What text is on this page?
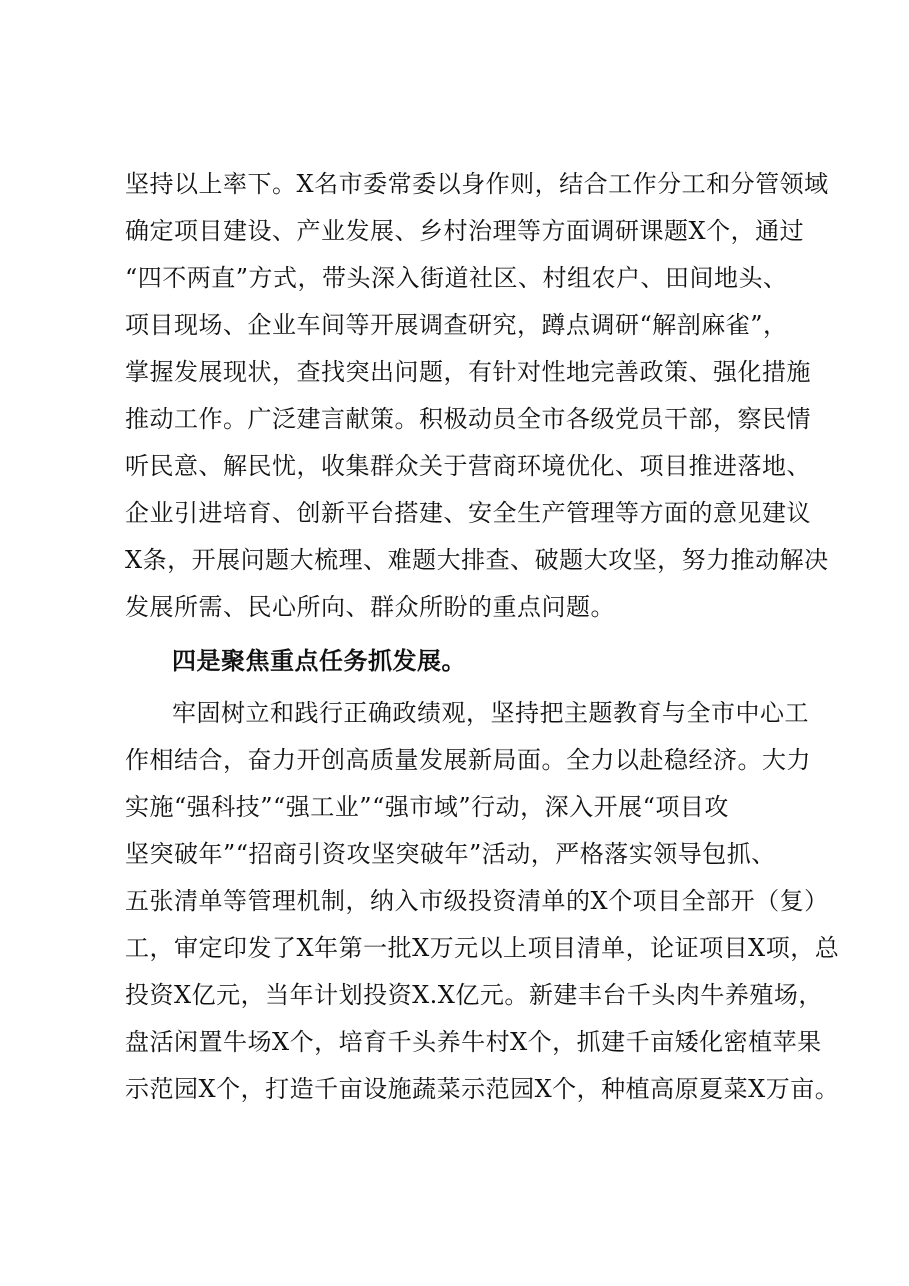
坚持以上率下。X名市委常委以身作则，结合工作分工和分管领域
确定项目建设、产业发展、乡村治理等方面调研课题X个，通过
“四不两直”方式，带头深入街道社区、村组农户、田间地头、
项目现场、企业车间等开展调查研究，蹲点调研“解剖麻雀”，
掌握发展现状，查找突出问题，有针对性地完善政策、强化措施
推动工作。广泛建言献策。积极动员全市各级党员干部，察民情
听民意、解民忧，收集群众关于营商环境优化、项目推进落地、
企业引进培育、创新平台搭建、安全生产管理等方面的意见建议
X条，开展问题大梳理、难题大排查、破题大攻坚，努力推动解决
发展所需、民心所向、群众所盼的重点问题。
四是聚焦重点任务抓发展。
牢固树立和践行正确政绩观，坚持把主题教育与全市中心工
作相结合，奋力开创高质量发展新局面。全力以赴稳经济。大力
实施“强科技”“强工业”“强市域”行动，深入开展“项目攻
坚突破年”“招商引资攻坚突破年”活动，严格落实领导包抓、
五张清单等管理机制，纳入市级投资清单的X个项目全部开（复）
工，审定印发了X年第一批X万元以上项目清单，论证项目X项，总
投资X亿元，当年计划投资X.X亿元。新建丰台千头肉牛养殖场，
盘活闲置牛场X个，培育千头养牛村X个，抓建千亩矮化密植苹果
示范园X个，打造千亩设施蔬菜示范园X个，种植高原夏菜X万亩。
